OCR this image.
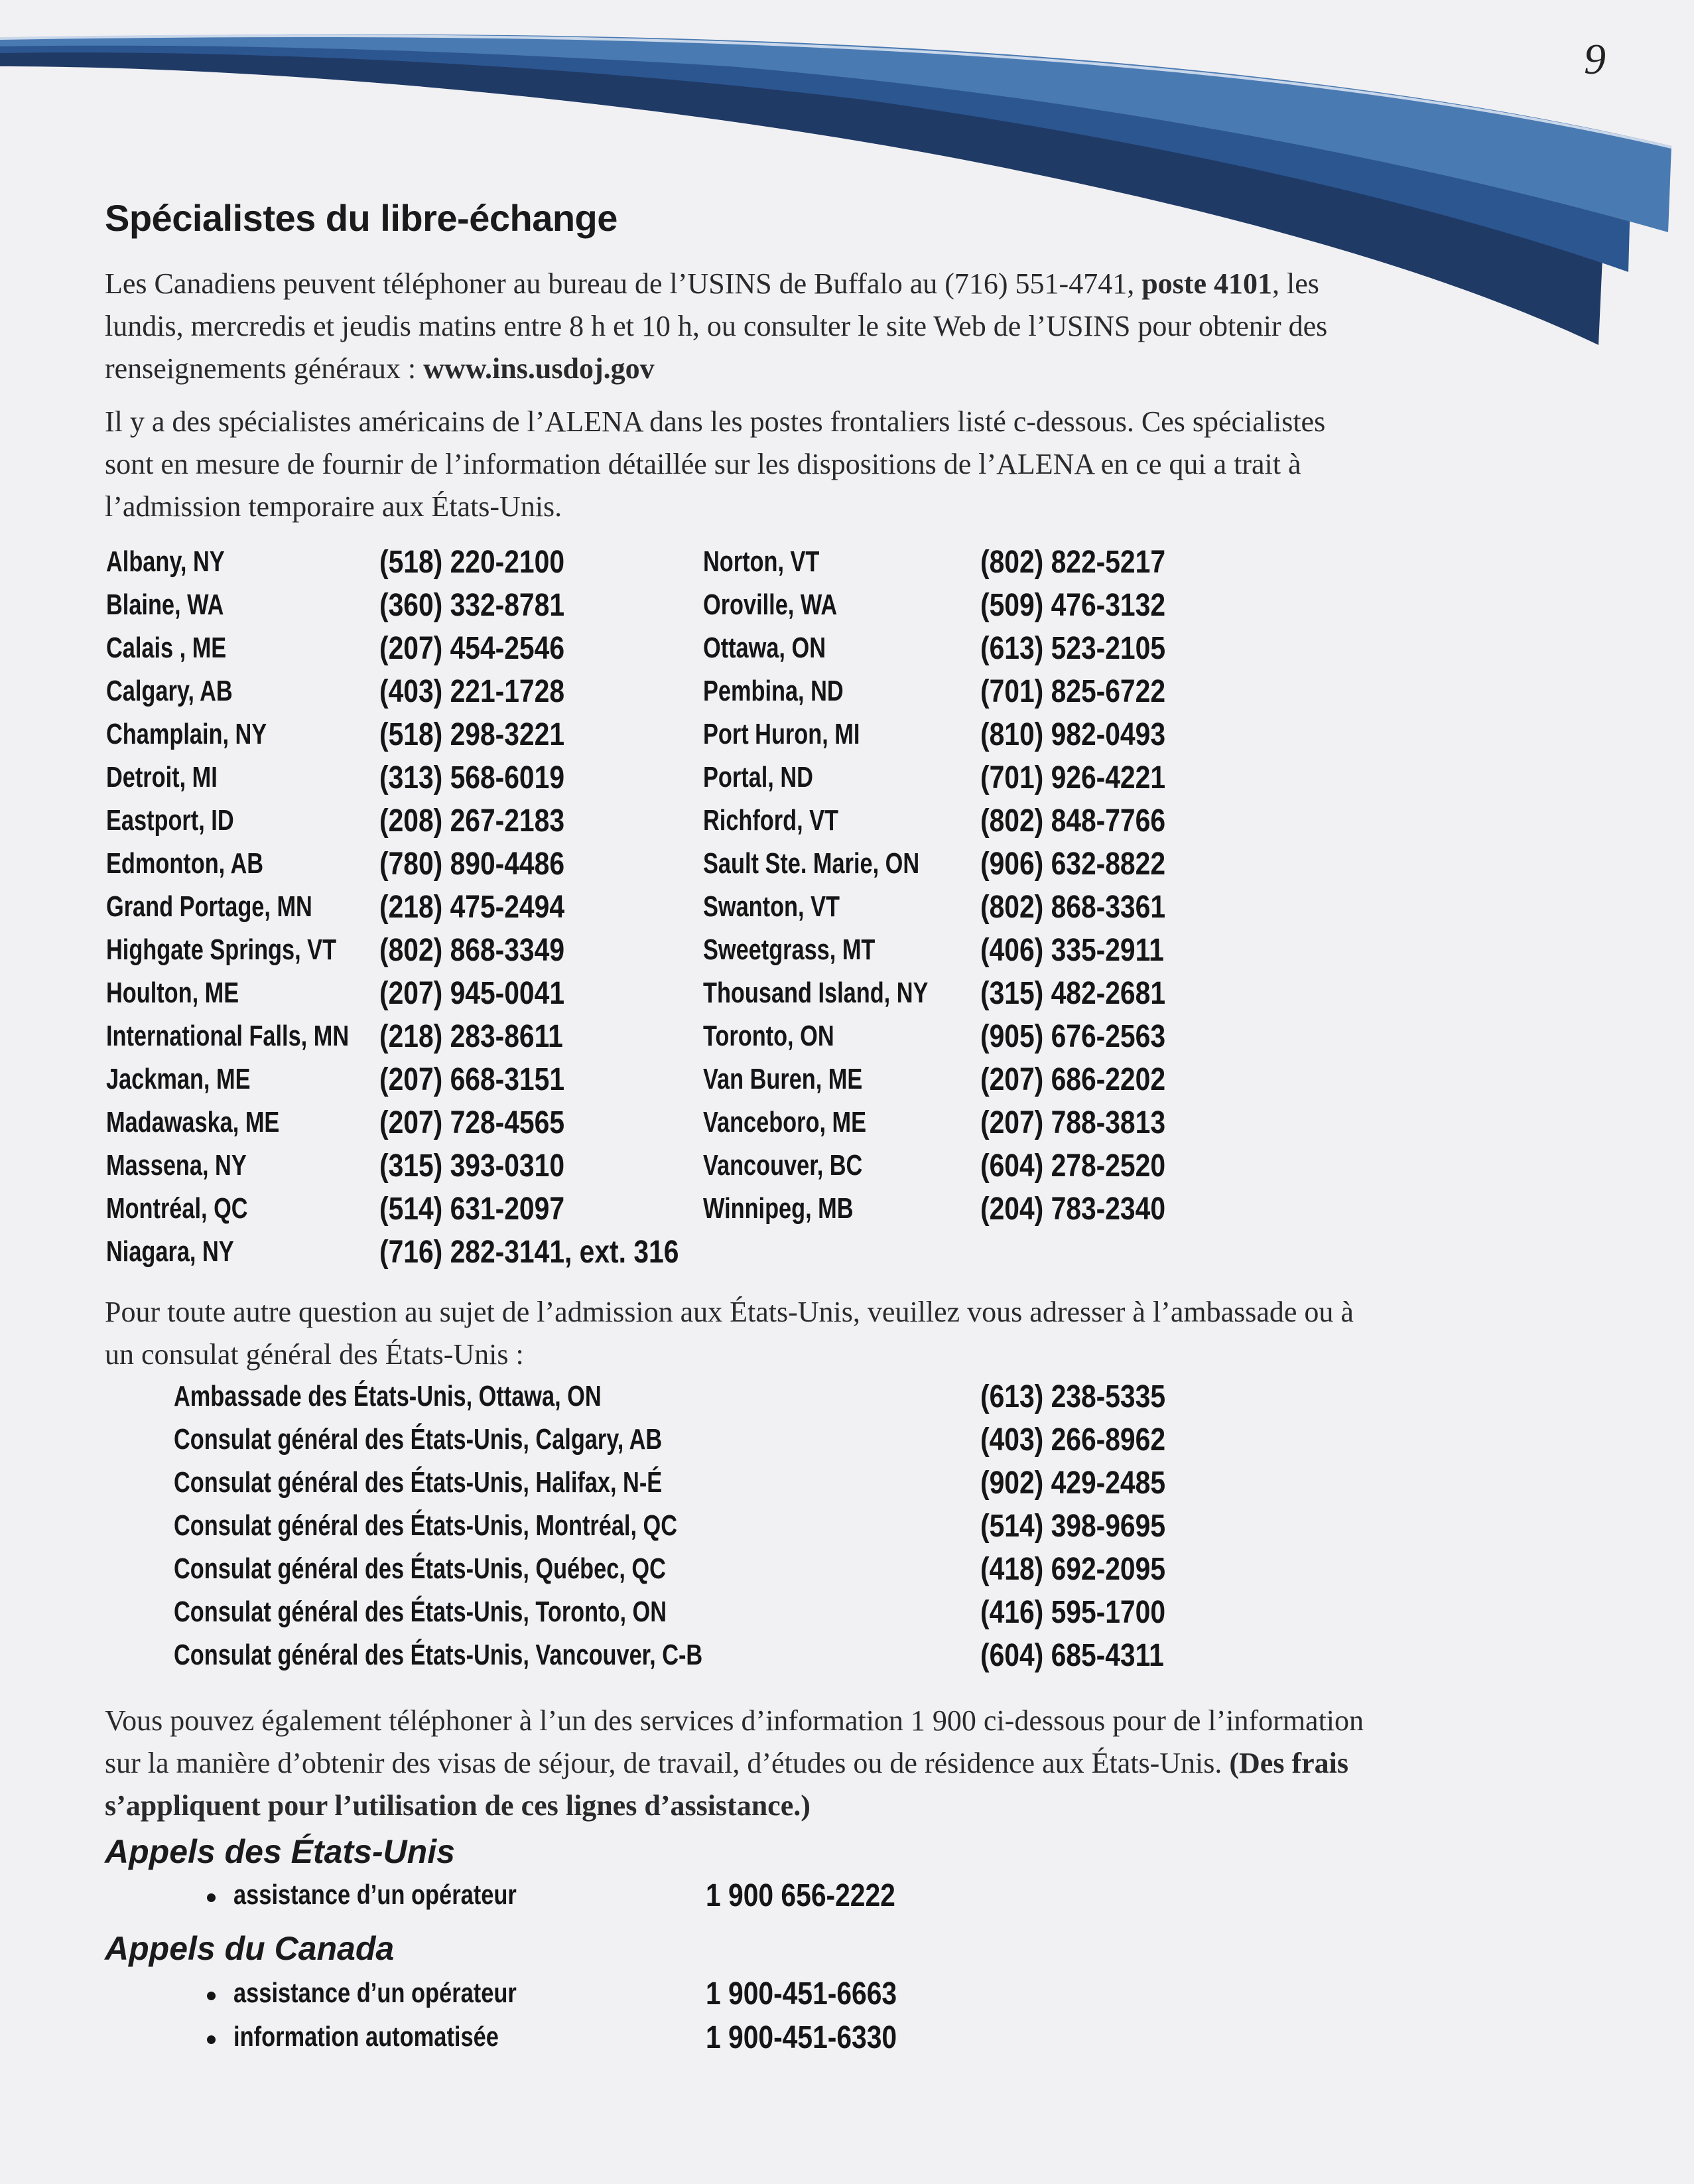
9
Spécialistes du libre-échange

Les Canadiens peuvent téléphoner au bureau de l’USINS de Buffalo au (716) 551-4741, poste 4101, les lundis, mercredis et jeudis matins entre 8 h et 10 h, ou consulter le site Web de l’USINS pour obtenir des renseignements généraux : www.ins.usdoj.gov

Il y a des spécialistes américains de l’ALENA dans les postes frontaliers listé c-dessous. Ces spécialistes sont en mesure de fournir de l’information détaillée sur les dispositions de l’ALENA en ce qui a trait à l’admission temporaire aux États-Unis.

Albany, NY	(518) 220-2100
Blaine, WA	(360) 332-8781
Calais , ME	(207) 454-2546
Calgary, AB	(403) 221-1728
Champlain, NY	(518) 298-3221
Detroit, MI	(313) 568-6019
Eastport, ID	(208) 267-2183
Edmonton, AB	(780) 890-4486
Grand Portage, MN (218) 475-2494
Highgate Springs, VT (802) 868-3349
Houlton, ME	(207) 945-0041
International Falls, MN (218) 283-8611
Jackman, ME	(207) 668-3151
Madawaska, ME	(207) 728-4565
Massena, NY	(315) 393-0310
Montréal, QC	(514) 631-2097
Niagara, NY	(716) 282-3141, ext. 316
Norton, VT	(802) 822-5217
Oroville, WA	(509) 476-3132
Ottawa, ON	(613) 523-2105
Pembina, ND	(701) 825-6722
Port Huron, MI	(810) 982-0493
Portal, ND	(701) 926-4221
Richford, VT	(802) 848-7766
Sault Ste. Marie, ON (906) 632-8822
Swanton, VT	(802) 868-3361
Sweetgrass, MT	(406) 335-2911
Thousand Island, NY (315) 482-2681
Toronto, ON	(905) 676-2563
Van Buren, ME	(207) 686-2202
Vanceboro, ME	(207) 788-3813
Vancouver, BC	(604) 278-2520
Winnipeg, MB	(204) 783-2340

Pour toute autre question au sujet de l’admission aux États-Unis, veuillez vous adresser à l’ambassade ou à un consulat général des États-Unis :

Ambassade des États-Unis, Ottawa, ON	(613) 238-5335
Consulat général des États-Unis, Calgary, AB	(403) 266-8962
Consulat général des États-Unis, Halifax, N-É	(902) 429-2485
Consulat général des États-Unis, Montréal, QC	(514) 398-9695
Consulat général des États-Unis, Québec, QC	(418) 692-2095
Consulat général des États-Unis, Toronto, ON	(416) 595-1700
Consulat général des États-Unis, Vancouver, C-B	(604) 685-4311

Vous pouvez également téléphoner à l’un des services d’information 1 900 ci-dessous pour de l’information sur la manière d’obtenir des visas de séjour, de travail, d’études ou de résidence aux États-Unis. (Des frais s’appliquent pour l’utilisation de ces lignes d’assistance.)

Appels des États-Unis
assistance d’un opérateur	1 900 656-2222
Appels du Canada
assistance d’un opérateur	1 900-451-6663
information automatisée	1 900-451-6330
